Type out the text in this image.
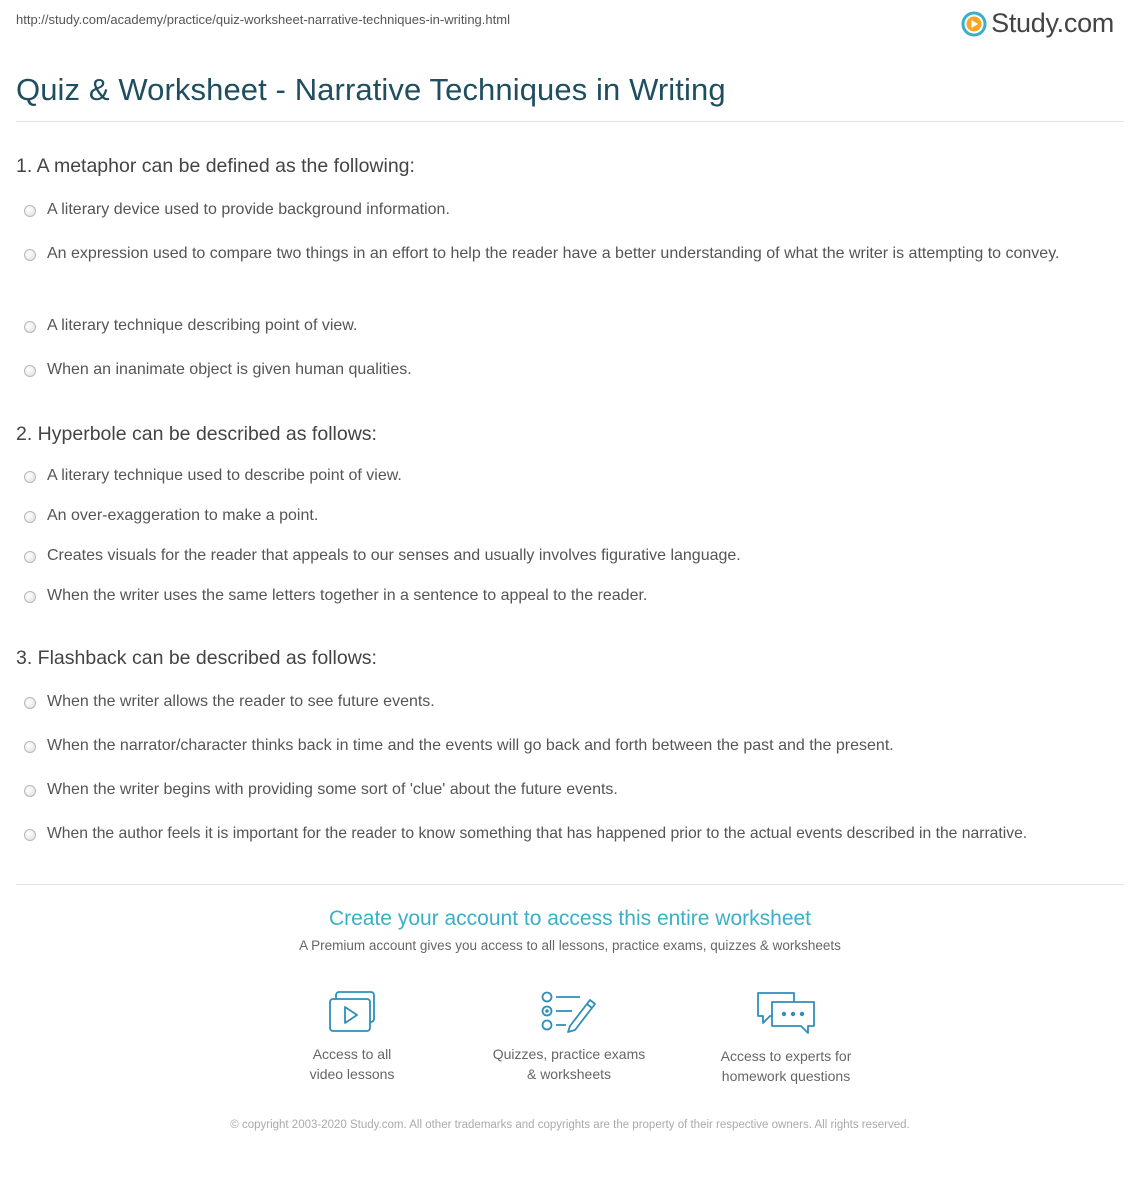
http://study.com/academy/practice/quiz-worksheet-narrative-techniques-in-writing.html	Study.com
Quiz & Worksheet - Narrative Techniques in Writing
1. A metaphor can be defined as the following:
A literary device used to provide background information.
An expression used to compare two things in an effort to help the reader have a better understanding of what the writer is attempting to convey.
A literary technique describing point of view.
When an inanimate object is given human qualities.
2. Hyperbole can be described as follows:
A literary technique used to describe point of view.
An over-exaggeration to make a point.
Creates visuals for the reader that appeals to our senses and usually involves figurative language.
When the writer uses the same letters together in a sentence to appeal to the reader.
3. Flashback can be described as follows:
When the writer allows the reader to see future events.
When the narrator/character thinks back in time and the events will go back and forth between the past and the present.
When the writer begins with providing some sort of 'clue' about the future events.
When the author feels it is important for the reader to know something that has happened prior to the actual events described in the narrative.
Create your account to access this entire worksheet
A Premium account gives you access to all lessons, practice exams, quizzes & worksheets
Access to all
video lessons
Quizzes, practice exams
& worksheets
Access to experts for
homework questions
© copyright 2003-2020 Study.com. All other trademarks and copyrights are the property of their respective owners. All rights reserved.
